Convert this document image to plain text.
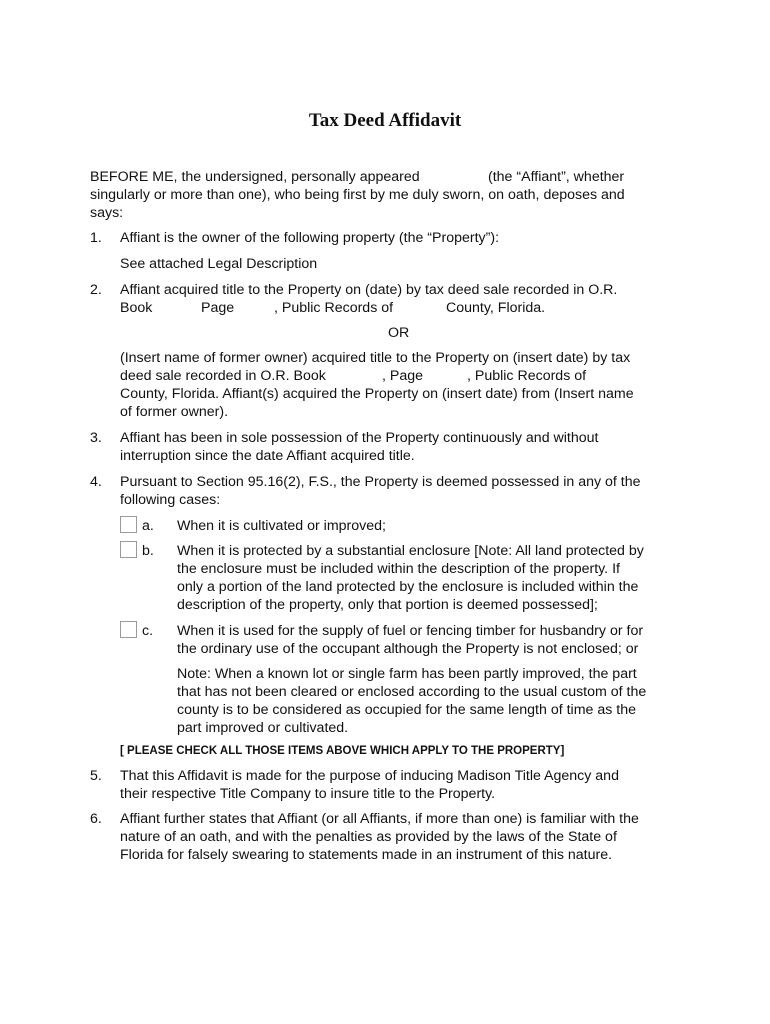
Tax Deed Affidavit
BEFORE ME, the undersigned, personally appeared	(the “Affiant”, whether
singularly or more than one), who being first by me duly sworn, on oath, deposes and
says:
1. Affiant is the owner of the following property (the “Property”):
See attached Legal Description
2. Affiant acquired title to the Property on (date) by tax deed sale recorded in O.R.
Book	Page	, Public Records of	County, Florida.
OR
(Insert name of former owner) acquired title to the Property on (insert date) by tax
deed sale recorded in O.R. Book	, Page	, Public Records of
County, Florida. Affiant(s) acquired the Property on (insert date) from (Insert name
of former owner).
3. Affiant has been in sole possession of the Property continuously and without
interruption since the date Affiant acquired title.
4. Pursuant to Section 95.16(2), F.S., the Property is deemed possessed in any of the
following cases:
a. When it is cultivated or improved;
b. When it is protected by a substantial enclosure [Note: All land protected by
the enclosure must be included within the description of the property. If
only a portion of the land protected by the enclosure is included within the
description of the property, only that portion is deemed possessed];
c. When it is used for the supply of fuel or fencing timber for husbandry or for
the ordinary use of the occupant although the Property is not enclosed; or
Note: When a known lot or single farm has been partly improved, the part
that has not been cleared or enclosed according to the usual custom of the
county is to be considered as occupied for the same length of time as the
part improved or cultivated.
[ PLEASE CHECK ALL THOSE ITEMS ABOVE WHICH APPLY TO THE PROPERTY]
5. That this Affidavit is made for the purpose of inducing Madison Title Agency and
their respective Title Company to insure title to the Property.
6. Affiant further states that Affiant (or all Affiants, if more than one) is familiar with the
nature of an oath, and with the penalties as provided by the laws of the State of
Florida for falsely swearing to statements made in an instrument of this nature.
